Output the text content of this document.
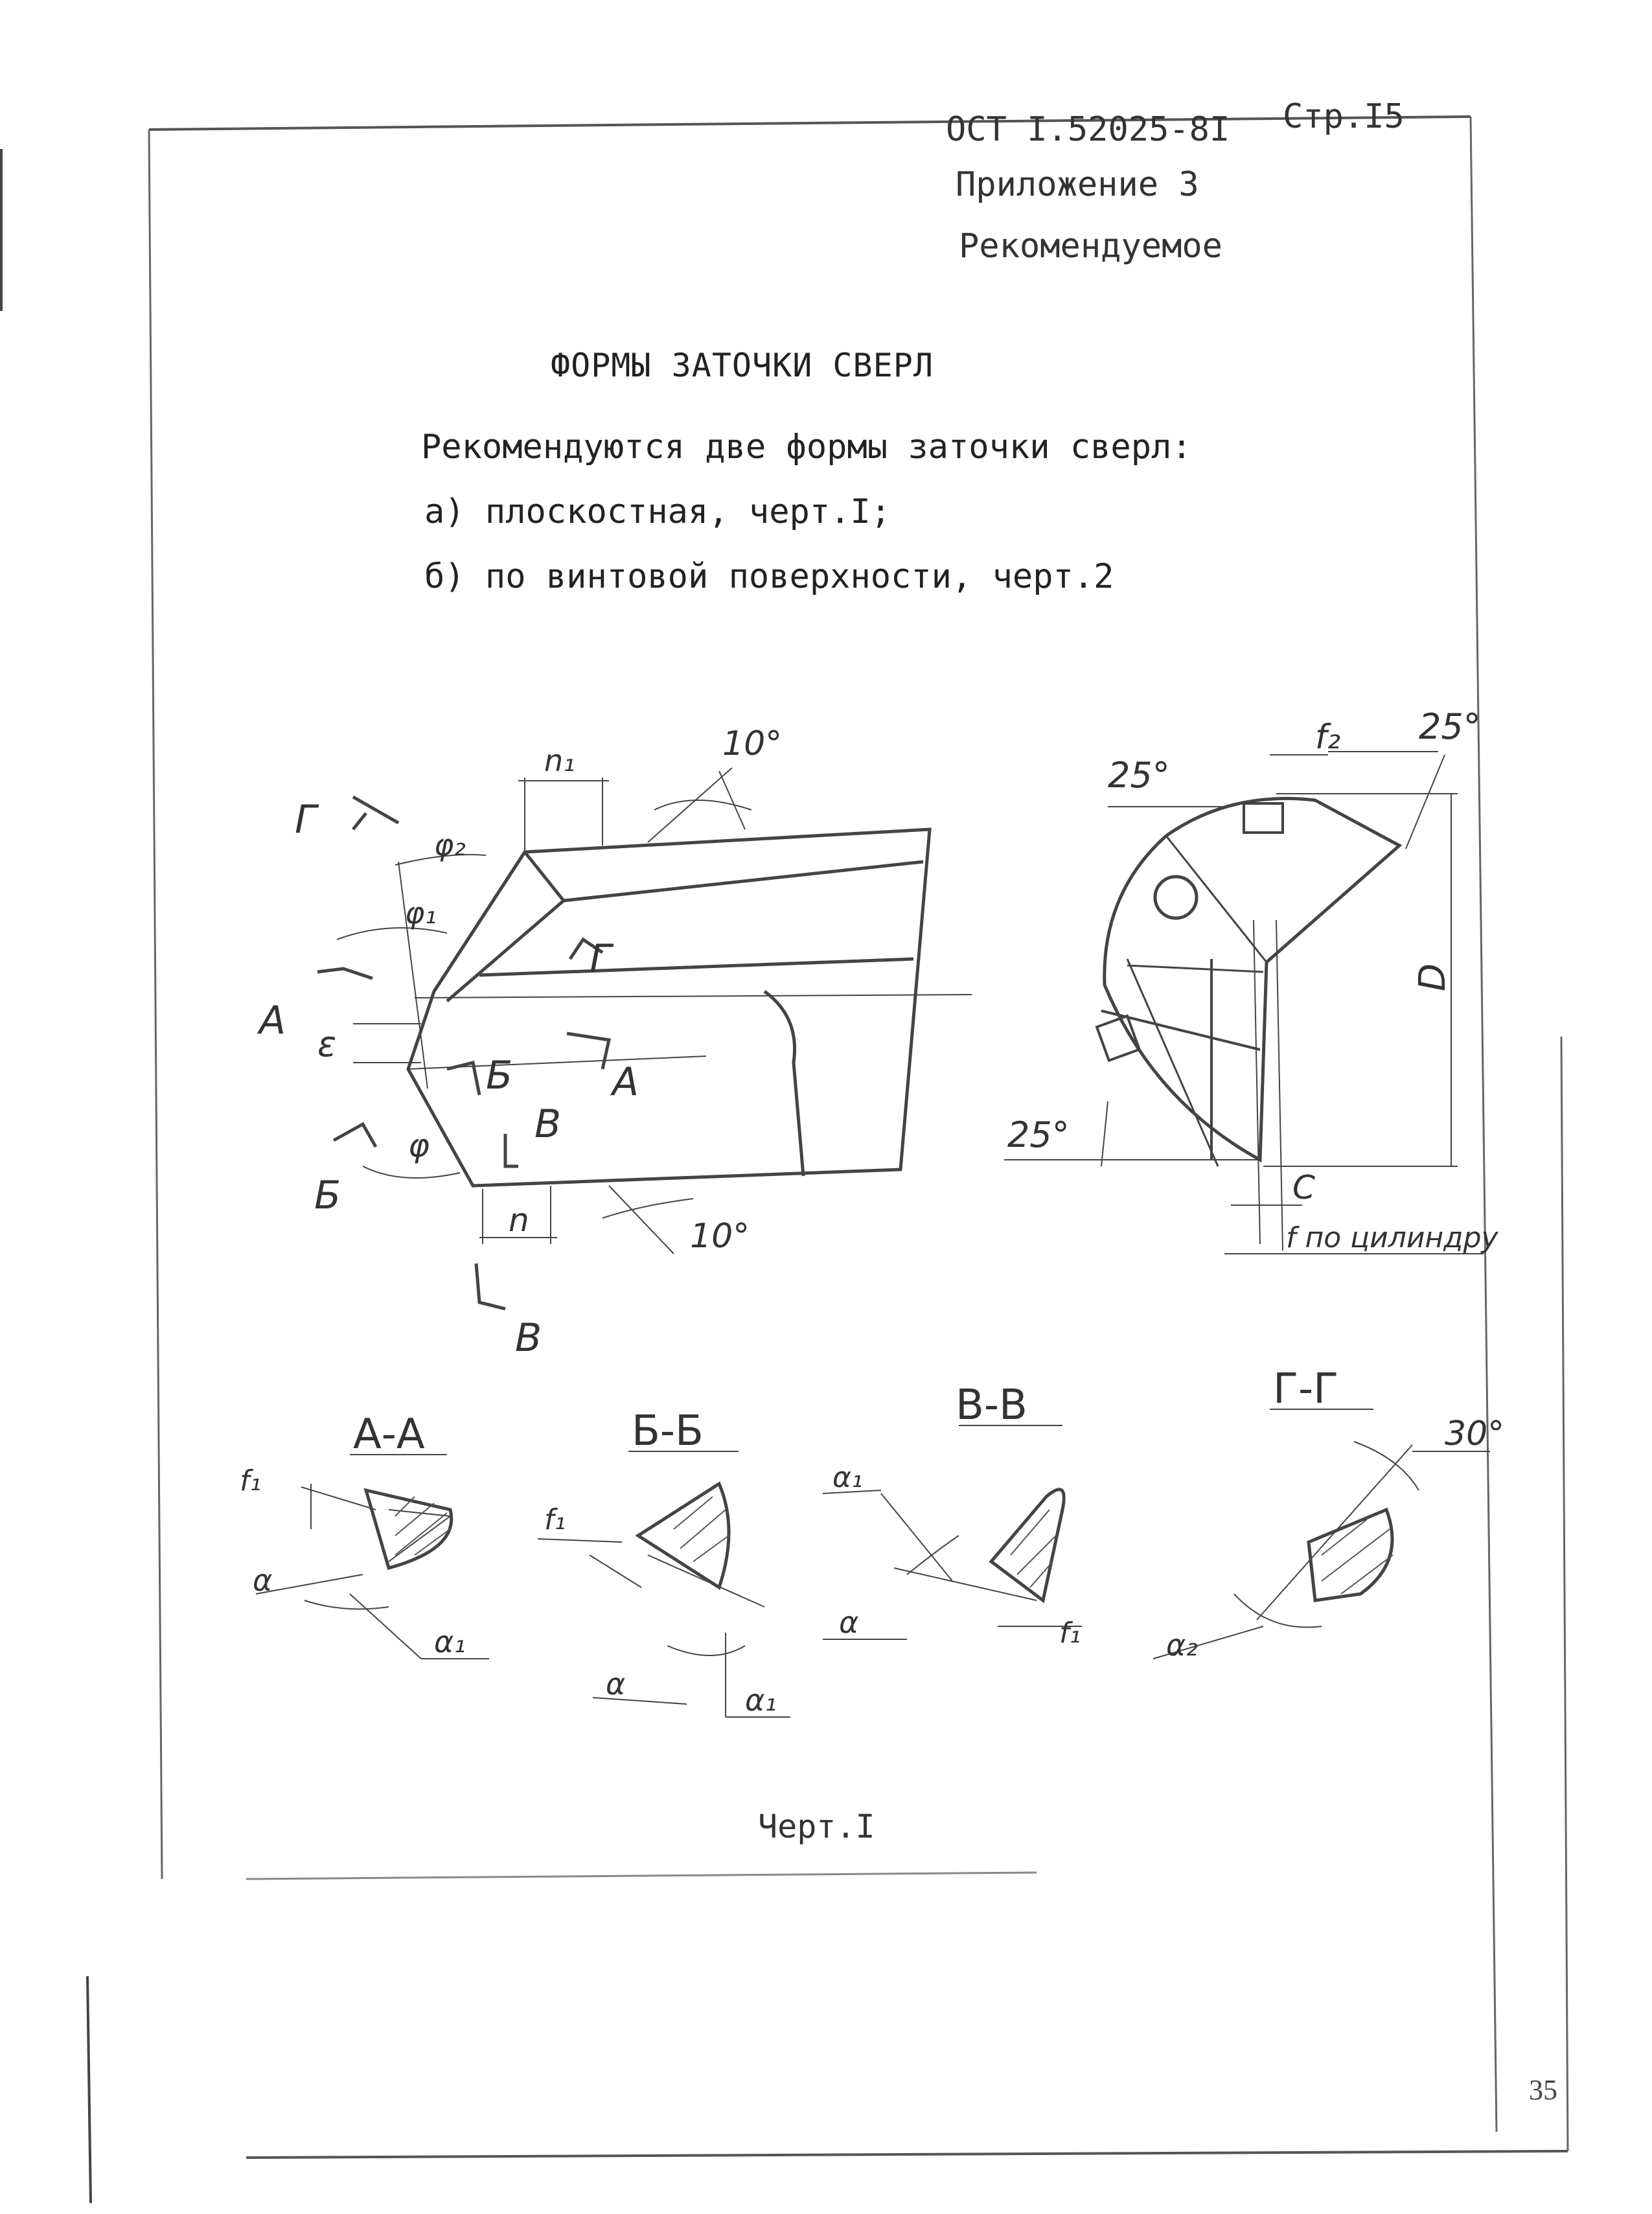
ОСТ I.52025-8I Стр.I5
Приложение 3
Рекомендуемое
ФОРМЫ ЗАТОЧКИ СВЕРЛ
Рекомендуются две формы заточки сверл:
а) плоскостная, черт.I;
б) по винтовой поверхности, черт.2
n₁	10°
φ₂
φ₁
φ
ε
Г
Г
А
А
Б
Б
В
В
n	10°
f₂ 25°
25°
25°
D
C
f по цилиндру
А-А	Б-Б
В-В	Г-Г
f₁
α
α₁
f₁
α	α₁
α₁
α	f₁
30°
α₂
Черт.I
35
